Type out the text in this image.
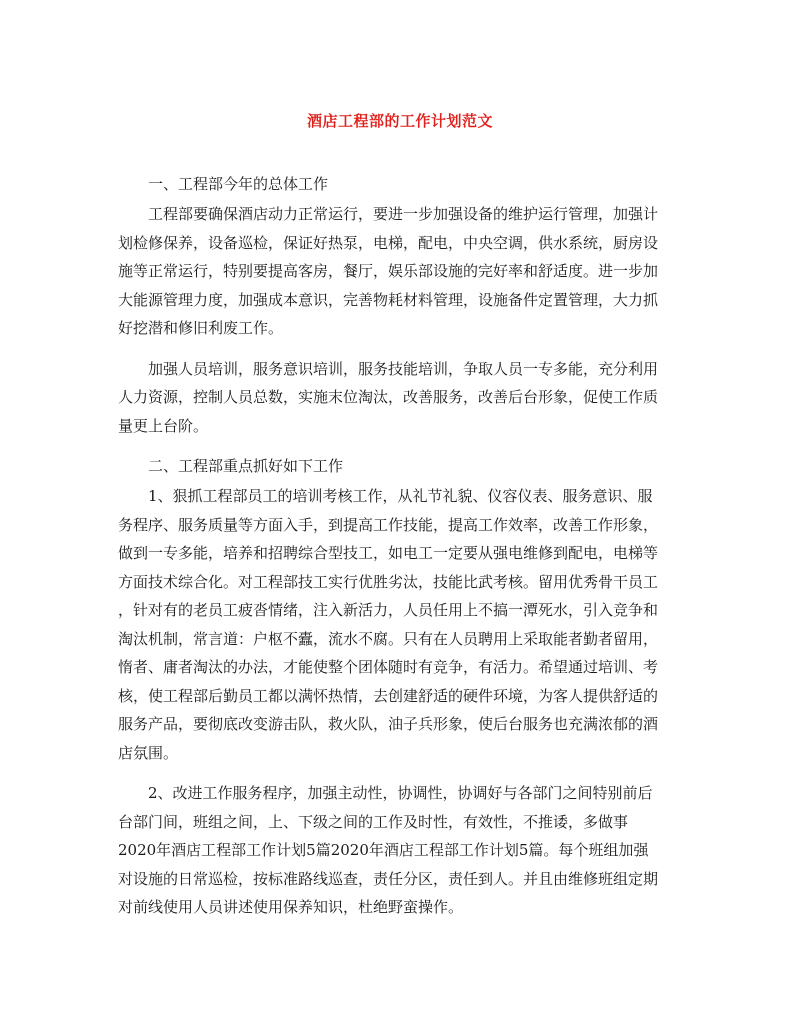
酒店工程部的工作计划范文
一、工程部今年的总体工作
工程部要确保酒店动力正常运行，要进一步加强设备的维护运行管理，加强计
划检修保养，设备巡检，保证好热泵，电梯，配电，中央空调，供水系统，厨房设
施等正常运行，特别要提高客房，餐厅，娱乐部设施的完好率和舒适度。进一步加
大能源管理力度，加强成本意识，完善物耗材料管理，设施备件定置管理，大力抓
好挖潜和修旧利废工作。
加强人员培训，服务意识培训，服务技能培训，争取人员一专多能，充分利用
人力资源，控制人员总数，实施末位淘汰，改善服务，改善后台形象，促使工作质
量更上台阶。
二、工程部重点抓好如下工作
1、狠抓工程部员工的培训考核工作，从礼节礼貌、仪容仪表、服务意识、服
务程序、服务质量等方面入手，到提高工作技能，提高工作效率，改善工作形象，
做到一专多能，培养和招聘综合型技工，如电工一定要从强电维修到配电，电梯等
方面技术综合化。对工程部技工实行优胜劣汰，技能比武考核。留用优秀骨干员工
，针对有的老员工疲沓情绪，注入新活力，人员任用上不搞一潭死水，引入竞争和
淘汰机制，常言道：户枢不蠹，流水不腐。只有在人员聘用上采取能者勤者留用，
惰者、庸者淘汰的办法，才能使整个团体随时有竞争，有活力。希望通过培训、考
核，使工程部后勤员工都以满怀热情，去创建舒适的硬件环境，为客人提供舒适的
服务产品，要彻底改变游击队，救火队，油子兵形象，使后台服务也充满浓郁的酒
店氛围。
2、改进工作服务程序，加强主动性，协调性，协调好与各部门之间特别前后
台部门间，班组之间，上、下级之间的工作及时性，有效性，不推诿，多做事
2020年酒店工程部工作计划5篇2020年酒店工程部工作计划5篇。每个班组加强
对设施的日常巡检，按标准路线巡查，责任分区，责任到人。并且由维修班组定期
对前线使用人员讲述使用保养知识，杜绝野蛮操作。
